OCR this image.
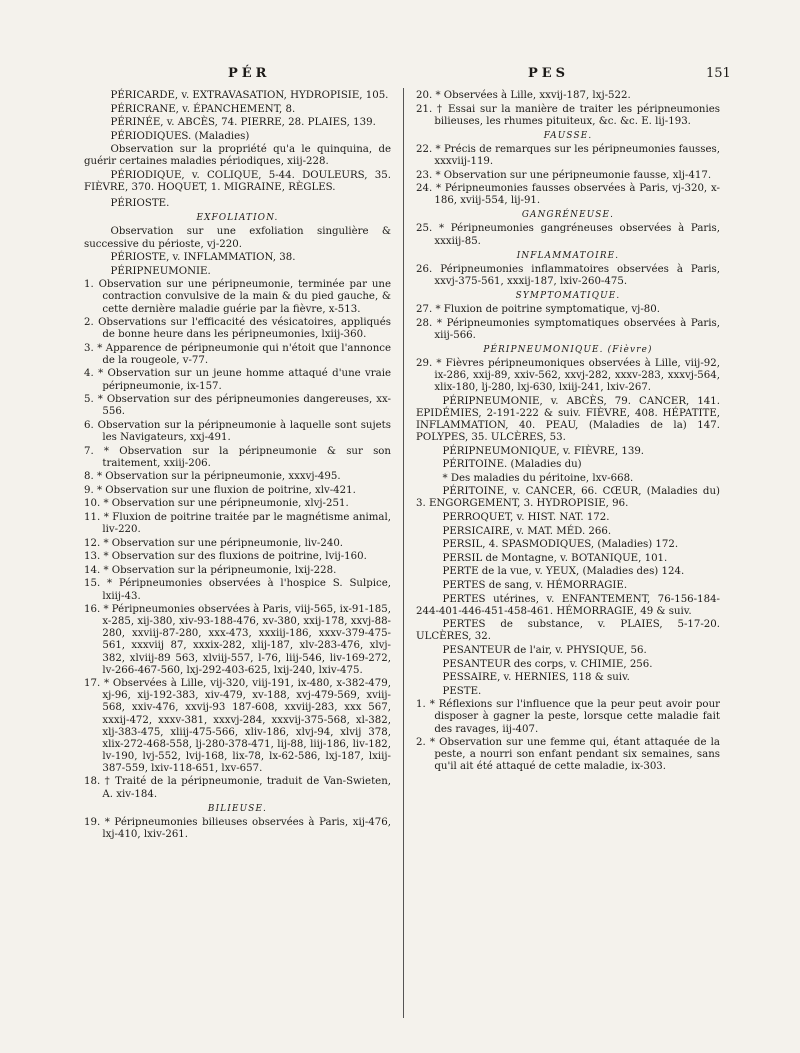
PÉR	PES	151

PÉRICARDE, v. EXTRAVASATION, HYDROPISIE, 105.

PÉRICRANE, v. ÉPANCHEMENT, 8.

PÉRINÉE, v. ABCÈS, 74. PIERRE, 28. PLAIES, 139.

PÉRIODIQUES. (Maladies)

Observation sur la propriété qu'a le quinquina, de guérir certaines maladies périodiques, xiij-228.

PÉRIODIQUE, v. COLIQUE, 5-44. DOULEURS, 35. FIÈVRE, 370. HOQUET, 1. MIGRAINE, RÈGLES.

PÉRIOSTE.

EXFOLIATION.

Observation sur une exfoliation singulière & successive du périoste, vj-220.

PÉRIOSTE, v. INFLAMMATION, 38.

PÉRIPNEUMONIE.

1. Observation sur une péripneumonie, terminée par une contraction convulsive de la main & du pied gauche, & cette dernière maladie guérie par la fièvre, x-513.

2. Observations sur l'efficacité des vésicatoires, appliqués de bonne heure dans les péripneumonies, lxiij-360.

3. * Apparence de péripneumonie qui n'étoit que l'annonce de la rougeole, v-77.

4. * Observation sur un jeune homme attaqué d'une vraie péripneumonie, ix-157.

5. * Observation sur des péripneumonies dangereuses, xx-556.

6. Observation sur la péripneumonie à laquelle sont sujets les Navigateurs, xxj-491.

7. * Observation sur la péripneumonie & sur son traitement, xxiij-206.

8. * Observation sur la péripneumonie, xxxvj-495.

9. * Observation sur une fluxion de poitrine, xlv-421.

10. * Observation sur une péripneumonie, xlvj-251.

11. * Fluxion de poitrine traitée par le magnétisme animal, liv-220.

12. * Observation sur une péripneumonie, liv-240.

13. * Observation sur des fluxions de poitrine, lvij-160.

14. * Observation sur la péripneumonie, lxij-228.

15. * Péripneumonies observées à l'hospice S. Sulpice, lxiij-43.

16. * Péripneumonies observées à Paris, viij-565, ix-91-185, x-285, xij-380, xiv-93-188-476, xv-380, xxij-178, xxvj-88-280, xxviij-87-280, xxx-473, xxxiij-186, xxxv-379-475-561, xxxviij 87, xxxix-282, xlij-187, xlv-283-476, xlvj-382, xlviij-89 563, xlviij-557, l-76, liij-546, liv-169-272, lv-266-467-560, lxj-292-403-625, lxij-240, lxiv-475.

17. * Observées à Lille, vij-320, viij-191, ix-480, x-382-479, xj-96, xij-192-383, xiv-479, xv-188, xvj-479-569, xviij-568, xxiv-476, xxvij-93 187-608, xxviij-283, xxx 567, xxxij-472, xxxv-381, xxxvj-284, xxxvij-375-568, xl-382, xlj-383-475, xliij-475-566, xliv-186, xlvj-94, xlvij 378, xlix-272-468-558, lj-280-378-471, lij-88, liij-186, liv-182, lv-190, lvj-552, lvij-168, lix-78, lx-62-586, lxj-187, lxiij-387-559, lxiv-118-651, lxv-657.

18. † Traité de la péripneumonie, traduit de Van-Swieten, A. xiv-184.

BILIEUSE.

19. * Péripneumonies bilieuses observées à Paris, xij-476, lxj-410, lxiv-261.

20. * Observées à Lille, xxvij-187, lxj-522.

21. † Essai sur la manière de traiter les péripneumonies bilieuses, les rhumes pituiteux, &c. &c. E. lij-193.

FAUSSE.

22. * Précis de remarques sur les péripneumonies fausses, xxxviij-119.

23. * Observation sur une péripneumonie fausse, xlj-417.

24. * Péripneumonies fausses observées à Paris, vj-320, x-186, xviij-554, lij-91.

GANGRÉNEUSE.

25. * Péripneumonies gangréneuses observées à Paris, xxxiij-85.

INFLAMMATOIRE.

26. Péripneumonies inflammatoires observées à Paris, xxvj-375-561, xxxij-187, lxiv-260-475.

SYMPTOMATIQUE.

27. * Fluxion de poitrine symptomatique, vj-80.

28. * Péripneumonies symptomatiques observées à Paris, xiij-566.

PÉRIPNEUMONIQUE. (Fièvre)

29. * Fièvres péripneumoniques observées à Lille, viij-92, ix-286, xxij-89, xxiv-562, xxvj-282, xxxv-283, xxxvj-564, xlix-180, lj-280, lxj-630, lxiij-241, lxiv-267.

PÉRIPNEUMONIE, v. ABCÈS, 79. CANCER, 141. EPIDÉMIES, 2-191-222 & suiv. FIÈVRE, 408. HÉPATITE, INFLAMMATION, 40. PEAU, (Maladies de la) 147. POLYPES, 35. ULCÈRES, 53.

PÉRIPNEUMONIQUE, v. FIÈVRE, 139.

PÉRITOINE. (Maladies du)

* Des maladies du péritoine, lxv-668.

PÉRITOINE, v. CANCER, 66. CŒUR, (Maladies du) 3. ENGORGEMENT, 3. HYDROPISIE, 96.

PERROQUET, v. HIST. NAT. 172.

PERSICAIRE, v. MAT. MÉD. 266.

PERSIL, 4. SPASMODIQUES, (Maladies) 172.

PERSIL de Montagne, v. BOTANIQUE, 101.

PERTE de la vue, v. YEUX, (Maladies des) 124.

PERTES de sang, v. HÉMORRAGIE.

PERTES utérines, v. ENFANTEMENT, 76-156-184-244-401-446-451-458-461. HÉMORRAGIE, 49 & suiv.

PERTES de substance, v. PLAIES, 5-17-20. ULCÈRES, 32.

PESANTEUR de l'air, v. PHYSIQUE, 56.

PESANTEUR des corps, v. CHIMIE, 256.

PESSAIRE, v. HERNIES, 118 & suiv.

PESTE.

1. * Réflexions sur l'influence que la peur peut avoir pour disposer à gagner la peste, lorsque cette maladie fait des ravages, iij-407.

2. * Observation sur une femme qui, étant attaquée de la peste, a nourri son enfant pendant six semaines, sans qu'il ait été attaqué de cette maladie, ix-303.
